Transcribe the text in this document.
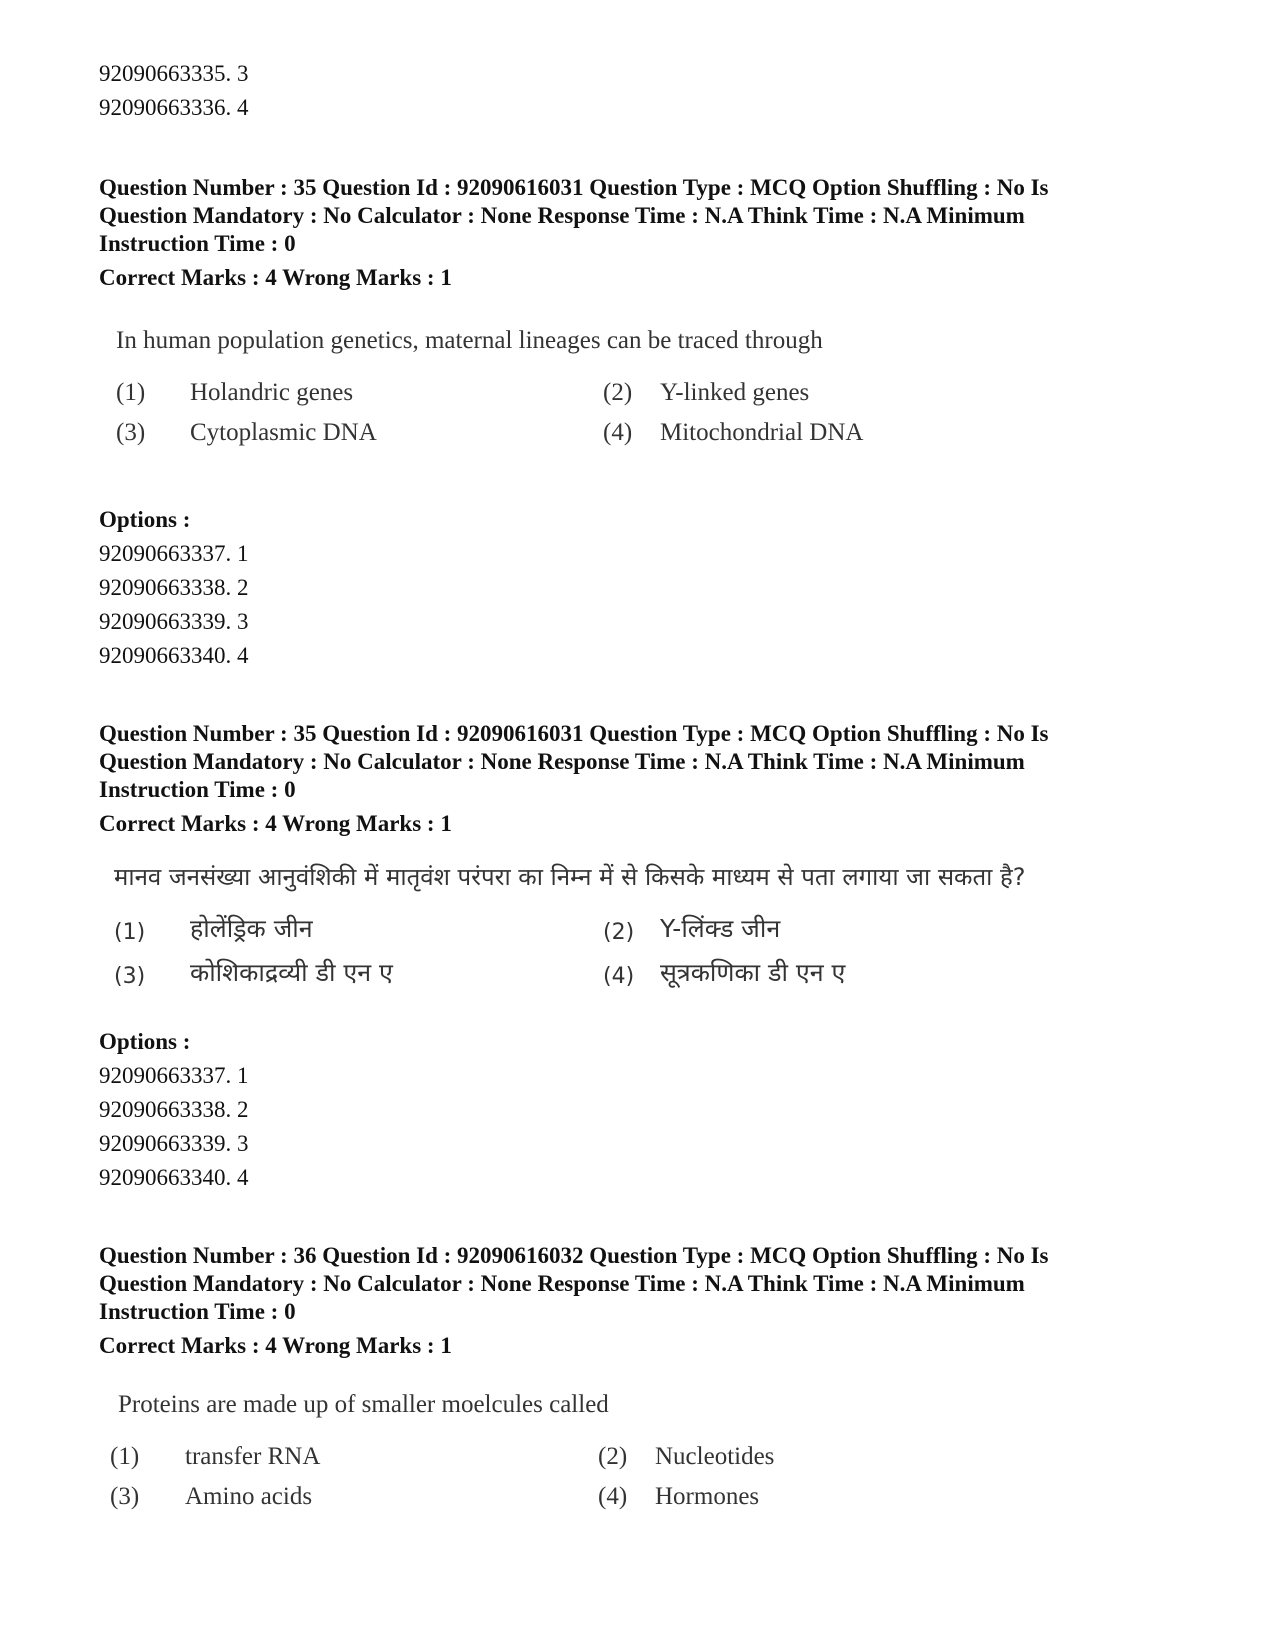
92090663335. 3
92090663336. 4
Question Number : 35 Question Id : 92090616031 Question Type : MCQ Option Shuffling : No Is
Question Mandatory : No Calculator : None Response Time : N.A Think Time : N.A Minimum
Instruction Time : 0
Correct Marks : 4 Wrong Marks : 1
In human population genetics, maternal lineages can be traced through
(1) Holandric genes	(2) Y-linked genes
(3) Cytoplasmic DNA	(4) Mitochondrial DNA
Options :
92090663337. 1
92090663338. 2
92090663339. 3
92090663340. 4
Question Number : 35 Question Id : 92090616031 Question Type : MCQ Option Shuffling : No Is
Question Mandatory : No Calculator : None Response Time : N.A Think Time : N.A Minimum
Instruction Time : 0
Correct Marks : 4 Wrong Marks : 1
मानव जनसंख्या आनुवंशिकी में मातृवंश परंपरा का निम्न में से किसके माध्यम से पता लगाया जा सकता है?
(1) होलेंड्रिक जीन	(2) Y-लिंक्ड जीन
(3) कोशिकाद्रव्यी डी एन ए	(4) सूत्रकणिका डी एन ए
Options :
92090663337. 1
92090663338. 2
92090663339. 3
92090663340. 4
Question Number : 36 Question Id : 92090616032 Question Type : MCQ Option Shuffling : No Is
Question Mandatory : No Calculator : None Response Time : N.A Think Time : N.A Minimum
Instruction Time : 0
Correct Marks : 4 Wrong Marks : 1
Proteins are made up of smaller moelcules called
(1) transfer RNA	(2) Nucleotides
(3) Amino acids	(4) Hormones
